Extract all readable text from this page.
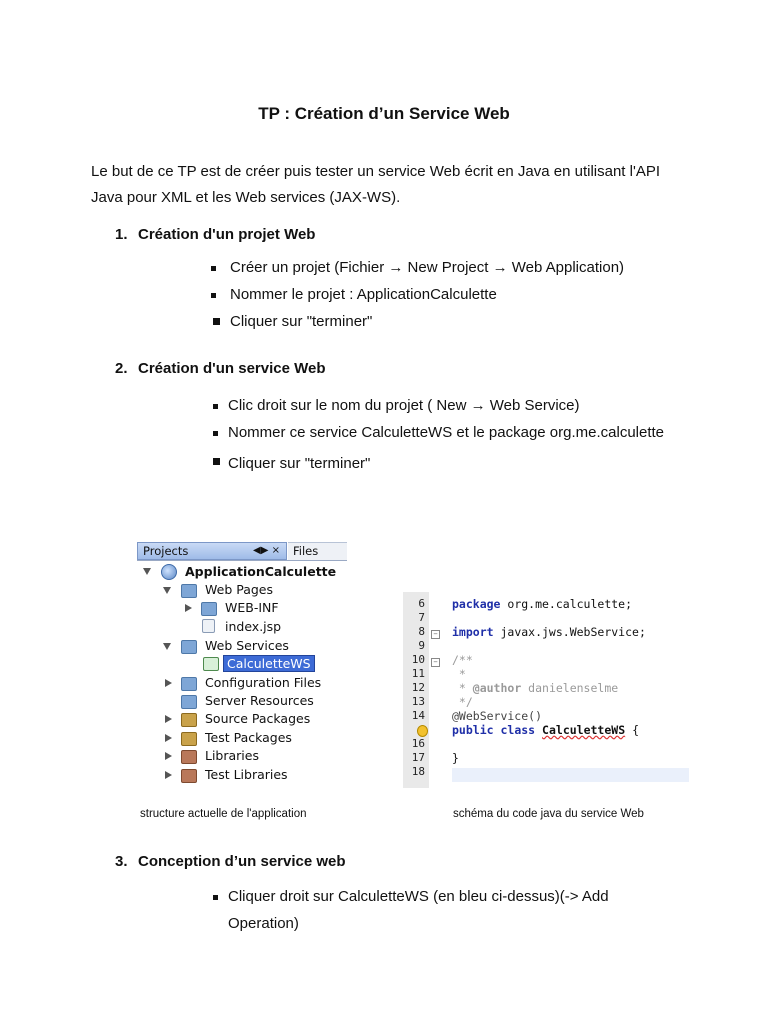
TP : Création d’un Service Web
Le but de ce TP est de créer puis tester un service Web écrit en Java en utilisant l'API Java pour XML et les Web services (JAX-WS).
1. Création d'un projet Web
Créer un projet (Fichier → New Project → Web Application)
Nommer le projet : ApplicationCalculette
Cliquer sur "terminer"
2. Création d'un service Web
Clic droit sur le nom du projet ( New → Web Service)
Nommer ce service CalculetteWS et le package org.me.calculette
Cliquer sur "terminer"
Projects	◀▶ ×	Files
ApplicationCalculette
Web Pages
WEB-INF
index.jsp
Web Services
CalculetteWS
Configuration Files
Server Resources
Source Packages
Test Packages
Libraries
Test Libraries
6
7
8
9
10
11
12
13
14
16
17
18
−
−
package org.me.calculette;
import javax.jws.WebService;
/**
*
* @author danielenselme
*/
@WebService()
public class CalculetteWS {
}
structure actuelle de l'application	schéma du code java du service Web
3. Conception d’un service web
Cliquer droit sur CalculetteWS (en bleu ci-dessus)(-> Add
Operation)
